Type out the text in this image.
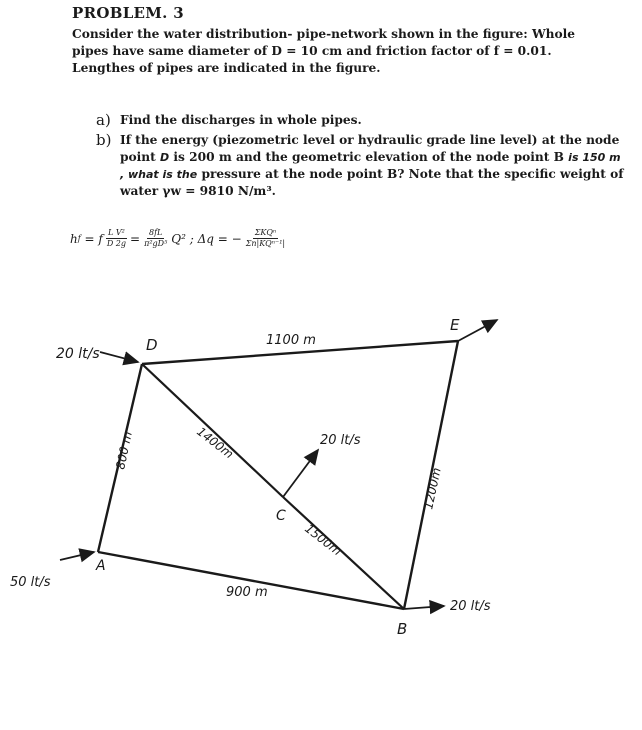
PROBLEM. 3
Consider the water distribution- pipe-network shown in the figure: Whole pipes have same diameter of D = 10 cm and friction factor of f = 0.01. Lengthes of pipes are indicated in the figure.
a) Find the discharges in whole pipes.
b) If the energy (piezometric level or hydraulic grade line level) at the node point D is 200 m and the geometric elevation of the node point B is 150 m , what is the pressure at the node point B? Note that the specific weight of water γw = 9810 N/m³.
h f
= f $\frac{\text{L V²}}{D 2g} = \frac{8fL}{\text{π²gD⁵}} Q^2$ ; Δq = − $\frac{\text{ΣKQⁿ}}{\text{Σn|KQⁿ⁻¹|}}$
D
E
A
B
C
1100 m
800 m	1400m
1500m
900 m
1200m
20 lt/s
50 lt/s
20 lt/s
20 lt/s
